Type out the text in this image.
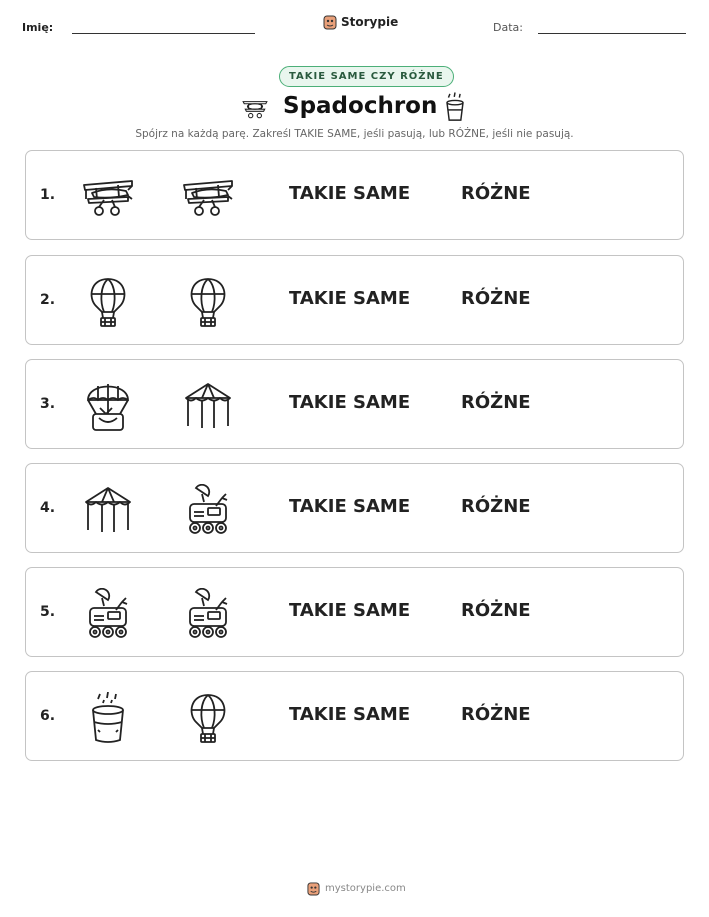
Imię:	Storypie	Data:
TAKIE SAME CZY RÓŻNE
Spadochron
Spójrz na każdą parę. Zakreśl TAKIE SAME, jeśli pasują, lub RÓŻNE, jeśli nie pasują.
1.	TAKIE SAME	RÓŻNE
2.	TAKIE SAME	RÓŻNE
3.	TAKIE SAME	RÓŻNE
4.	TAKIE SAME	RÓŻNE
5.	TAKIE SAME	RÓŻNE
6.	TAKIE SAME	RÓŻNE
mystorypie.com
